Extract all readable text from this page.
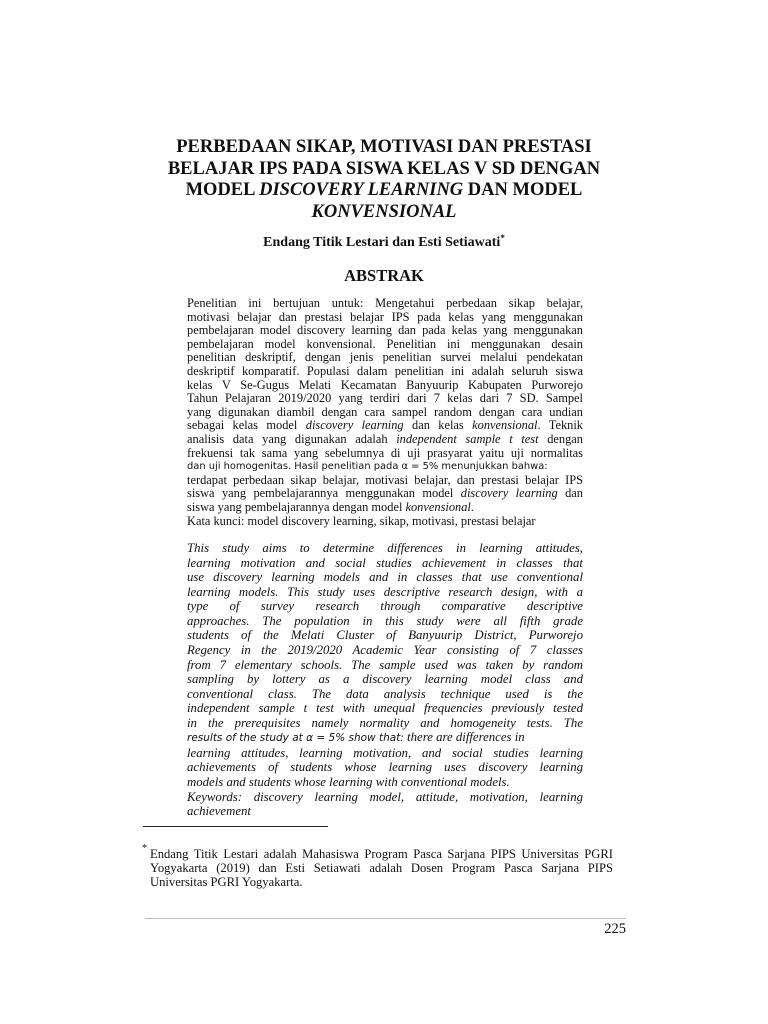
PERBEDAAN SIKAP, MOTIVASI DAN PRESTASI
BELAJAR IPS PADA SISWA KELAS V SD DENGAN
MODEL DISCOVERY LEARNING DAN MODEL
KONVENSIONAL
Endang Titik Lestari dan Esti Setiawati*
ABSTRAK
Penelitian ini bertujuan untuk: Mengetahui perbedaan sikap belajar,
motivasi belajar dan prestasi belajar IPS pada kelas yang menggunakan
pembelajaran model discovery learning dan pada kelas yang menggunakan
pembelajaran model konvensional. Penelitian ini menggunakan desain
penelitian deskriptif, dengan jenis penelitian survei melalui pendekatan
deskriptif komparatif. Populasi dalam penelitian ini adalah seluruh siswa
kelas V Se-Gugus Melati Kecamatan Banyuurip Kabupaten Purworejo
Tahun Pelajaran 2019/2020 yang terdiri dari 7 kelas dari 7 SD. Sampel
yang digunakan diambil dengan cara sampel random dengan cara undian
sebagai kelas model discovery learning dan kelas konvensional. Teknik
analisis data yang digunakan adalah independent sample t test dengan
frekuensi tak sama yang sebelumnya di uji prasyarat yaitu uji normalitas
dan uji homogenitas. Hasil penelitian pada α = 5% menunjukkan bahwa:
terdapat perbedaan sikap belajar, motivasi belajar, dan prestasi belajar IPS
siswa yang pembelajarannya menggunakan model discovery learning dan
siswa yang pembelajarannya dengan model konvensional.
Kata kunci: model discovery learning, sikap, motivasi, prestasi belajar
This study aims to determine differences in learning attitudes,
learning motivation and social studies achievement in classes that
use discovery learning models and in classes that use conventional
learning models. This study uses descriptive research design, with a
type of survey research through comparative descriptive
approaches. The population in this study were all fifth grade
students of the Melati Cluster of Banyuurip District, Purworejo
Regency in the 2019/2020 Academic Year consisting of 7 classes
from 7 elementary schools. The sample used was taken by random
sampling by lottery as a discovery learning model class and
conventional class. The data analysis technique used is the
independent sample t test with unequal frequencies previously tested
in the prerequisites namely normality and homogeneity tests. The
results of the study at α = 5% show that: there are differences in
learning attitudes, learning motivation, and social studies learning
achievements of students whose learning uses discovery learning
models and students whose learning with conventional models.
Keywords: discovery learning model, attitude, motivation, learning
achievement
* Endang Titik Lestari adalah Mahasiswa Program Pasca Sarjana PIPS Universitas PGRI
Yogyakarta (2019) dan Esti Setiawati adalah Dosen Program Pasca Sarjana PIPS
Universitas PGRI Yogyakarta.
225
